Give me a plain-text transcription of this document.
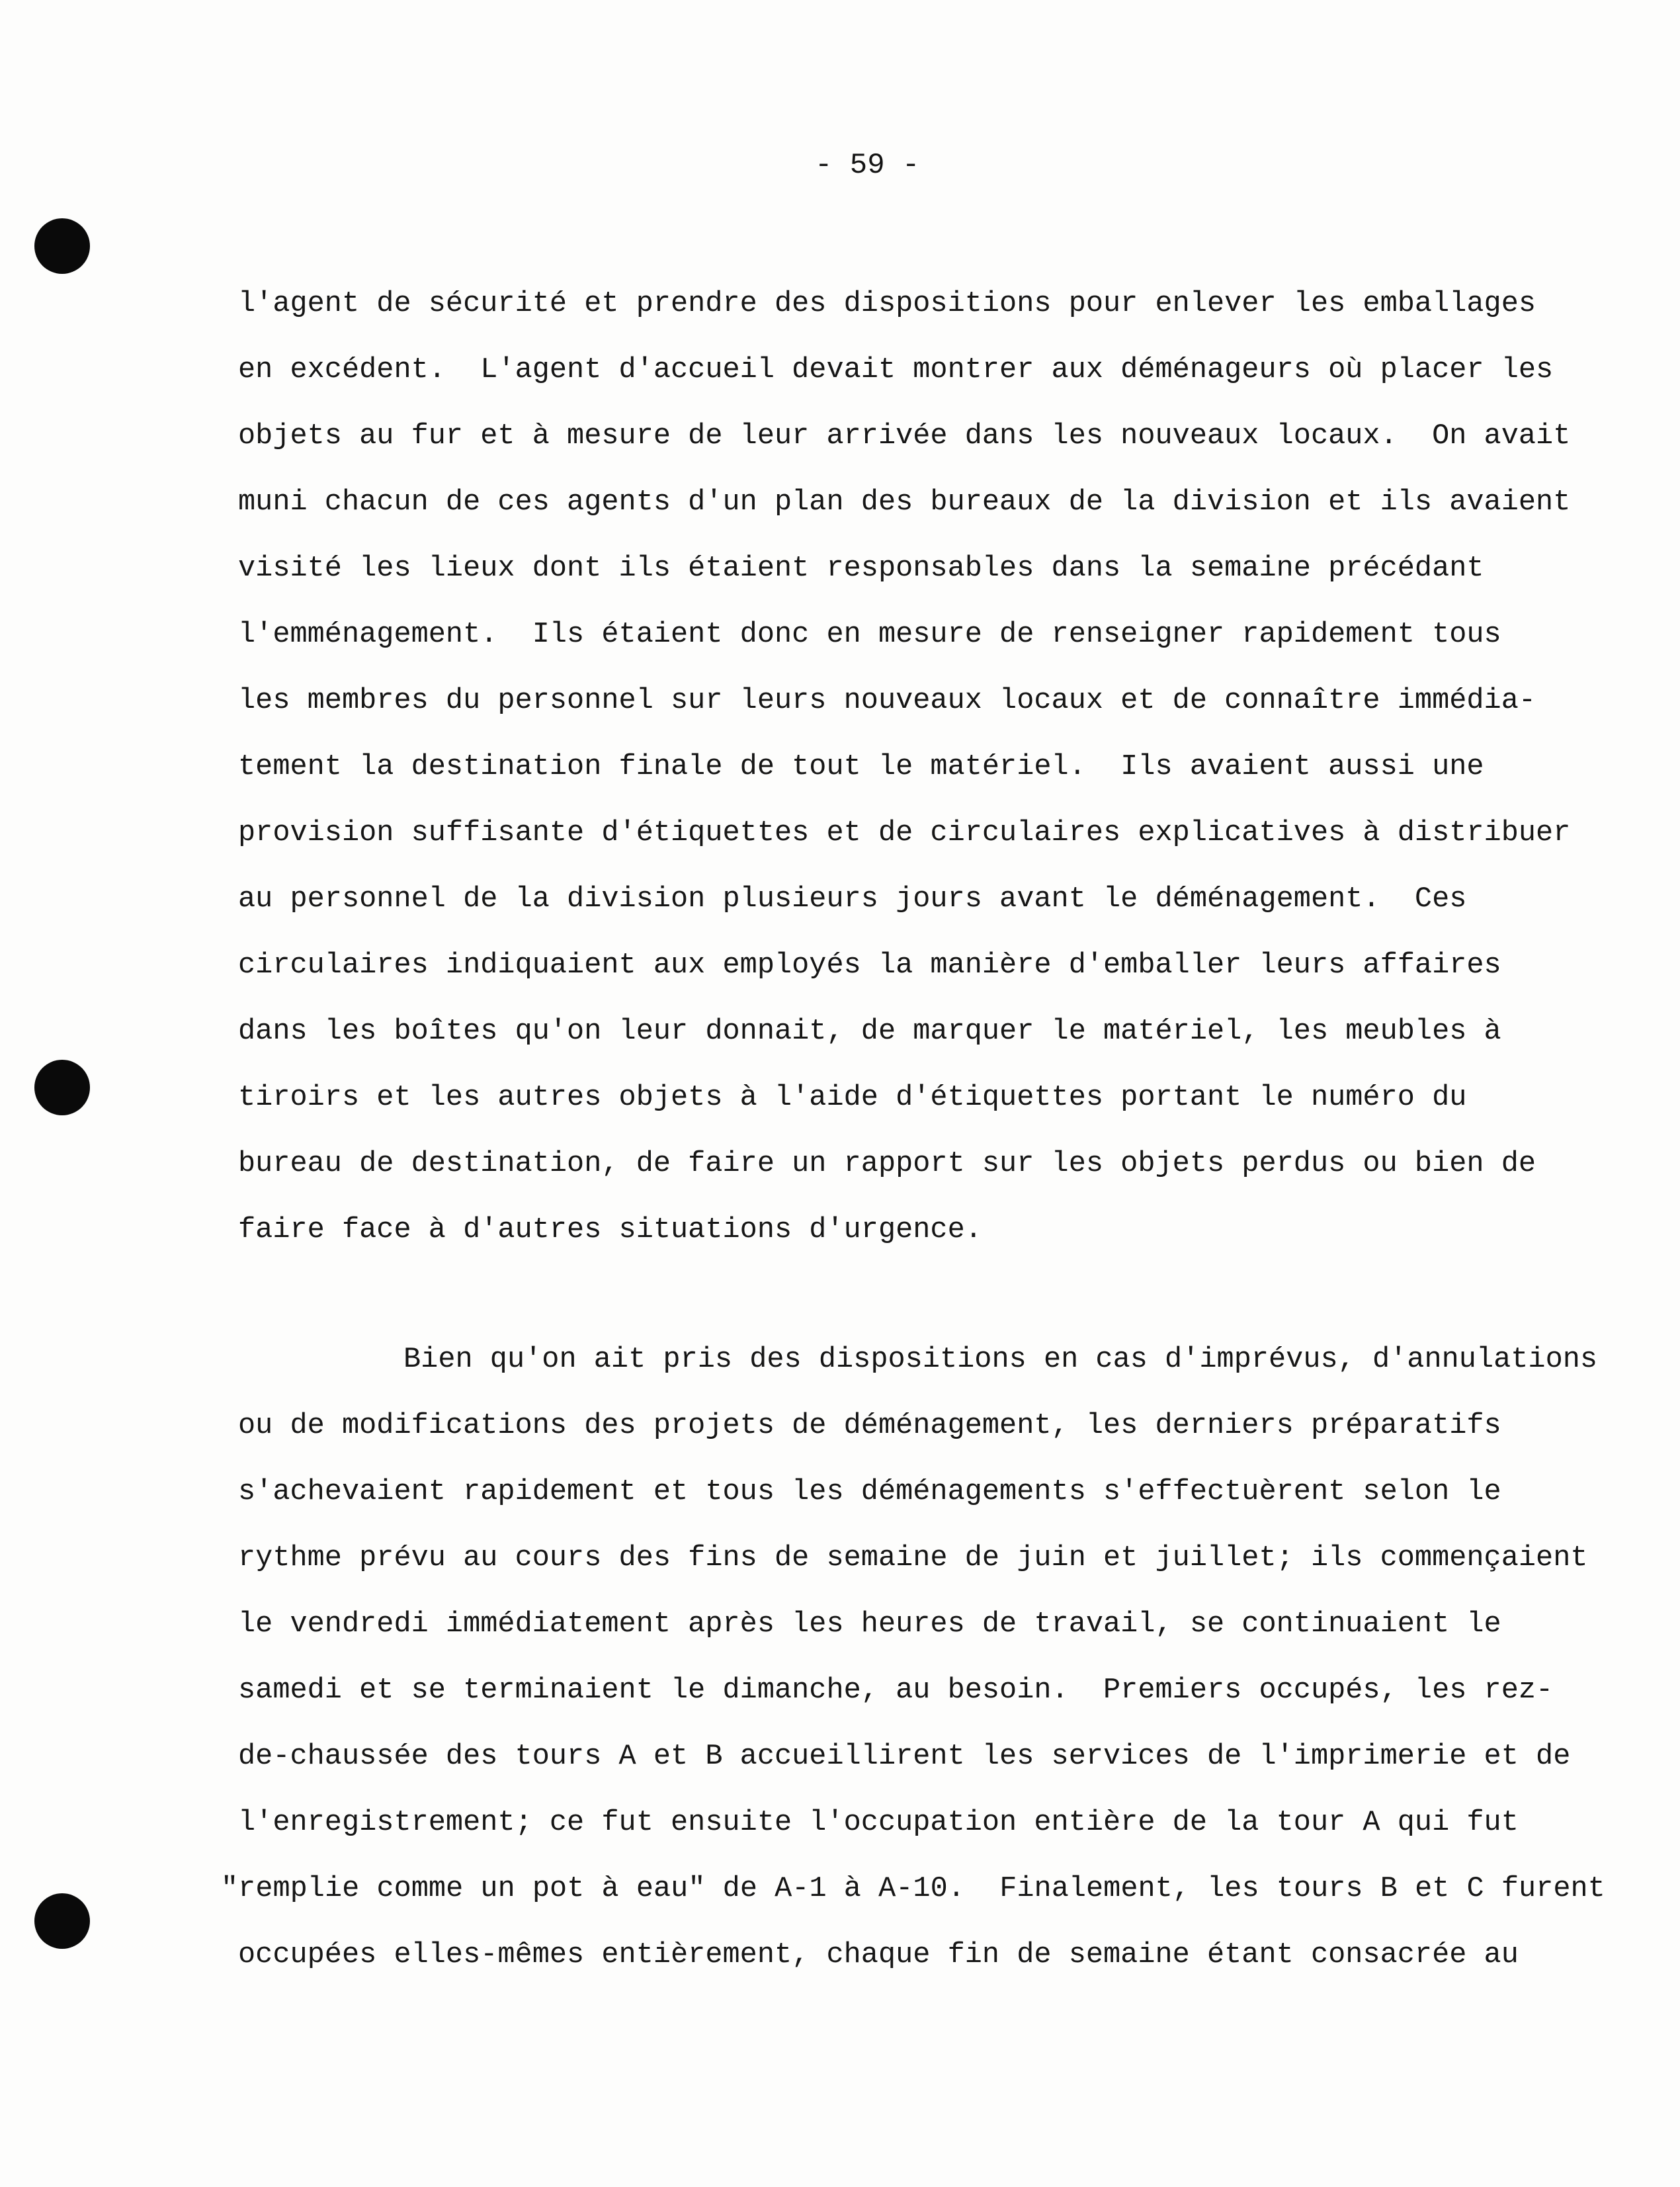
- 59 -
l'agent de sécurité et prendre des dispositions pour enlever les emballages
en excédent.  L'agent d'accueil devait montrer aux déménageurs où placer les
objets au fur et à mesure de leur arrivée dans les nouveaux locaux.  On avait
muni chacun de ces agents d'un plan des bureaux de la division et ils avaient
visité les lieux dont ils étaient responsables dans la semaine précédant
l'emménagement.  Ils étaient donc en mesure de renseigner rapidement tous
les membres du personnel sur leurs nouveaux locaux et de connaître immédia-
tement la destination finale de tout le matériel.  Ils avaient aussi une
provision suffisante d'étiquettes et de circulaires explicatives à distribuer
au personnel de la division plusieurs jours avant le déménagement.  Ces
circulaires indiquaient aux employés la manière d'emballer leurs affaires
dans les boîtes qu'on leur donnait, de marquer le matériel, les meubles à
tiroirs et les autres objets à l'aide d'étiquettes portant le numéro du
bureau de destination, de faire un rapport sur les objets perdus ou bien de
faire face à d'autres situations d'urgence.
Bien qu'on ait pris des dispositions en cas d'imprévus, d'annulations
ou de modifications des projets de déménagement, les derniers préparatifs
s'achevaient rapidement et tous les déménagements s'effectuèrent selon le
rythme prévu au cours des fins de semaine de juin et juillet; ils commençaient
le vendredi immédiatement après les heures de travail, se continuaient le
samedi et se terminaient le dimanche, au besoin.  Premiers occupés, les rez-
de-chaussée des tours A et B accueillirent les services de l'imprimerie et de
l'enregistrement; ce fut ensuite l'occupation entière de la tour A qui fut
"remplie comme un pot à eau" de A-1 à A-10.  Finalement, les tours B et C furent
occupées elles-mêmes entièrement, chaque fin de semaine étant consacrée au
